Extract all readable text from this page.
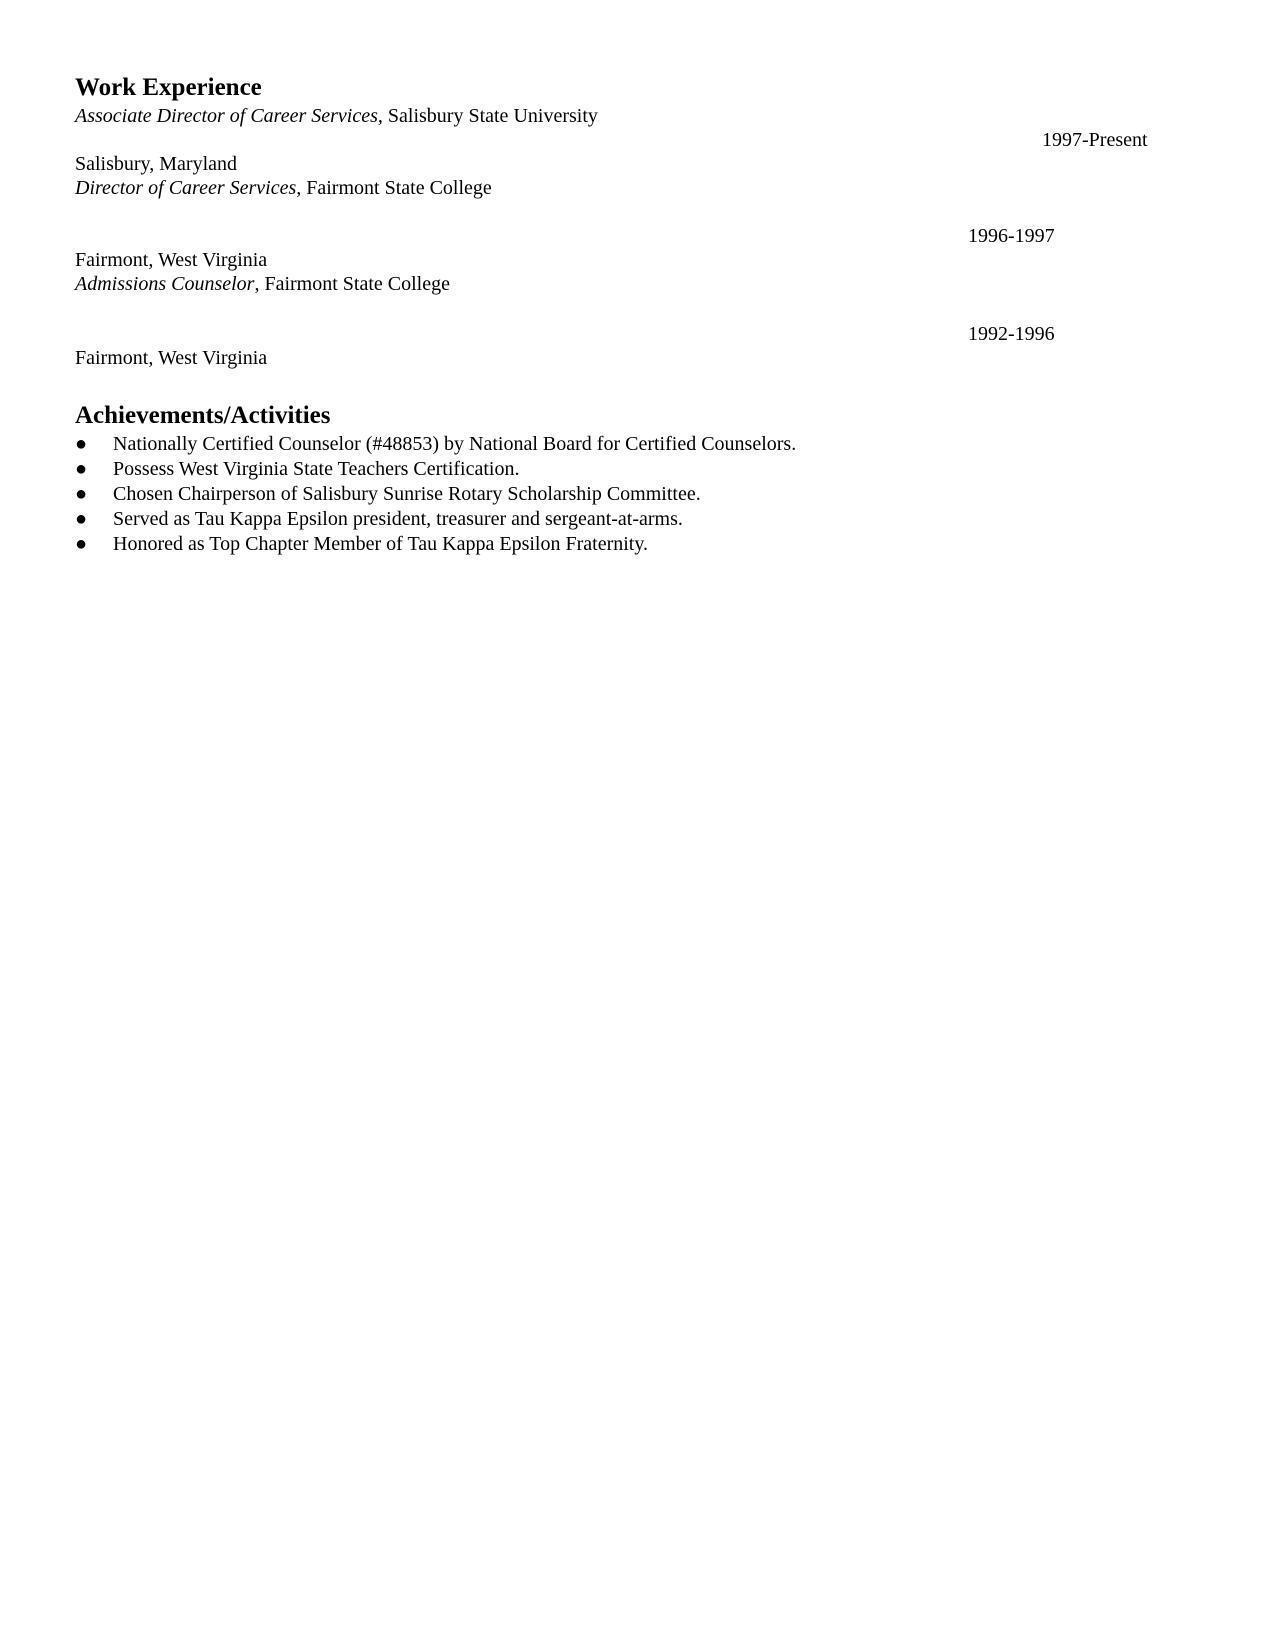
Work Experience
Associate Director of Career Services, Salisbury State University
1997-Present
Salisbury, Maryland
Director of Career Services, Fairmont State College
1996-1997
Fairmont, West Virginia
Admissions Counselor, Fairmont State College
1992-1996
Fairmont, West Virginia
Achievements/Activities
●	Nationally Certified Counselor (#48853) by National Board for Certified Counselors.
●	Possess West Virginia State Teachers Certification.
●	Chosen Chairperson of Salisbury Sunrise Rotary Scholarship Committee.
●	Served as Tau Kappa Epsilon president, treasurer and sergeant-at-arms.
●	Honored as Top Chapter Member of Tau Kappa Epsilon Fraternity.
